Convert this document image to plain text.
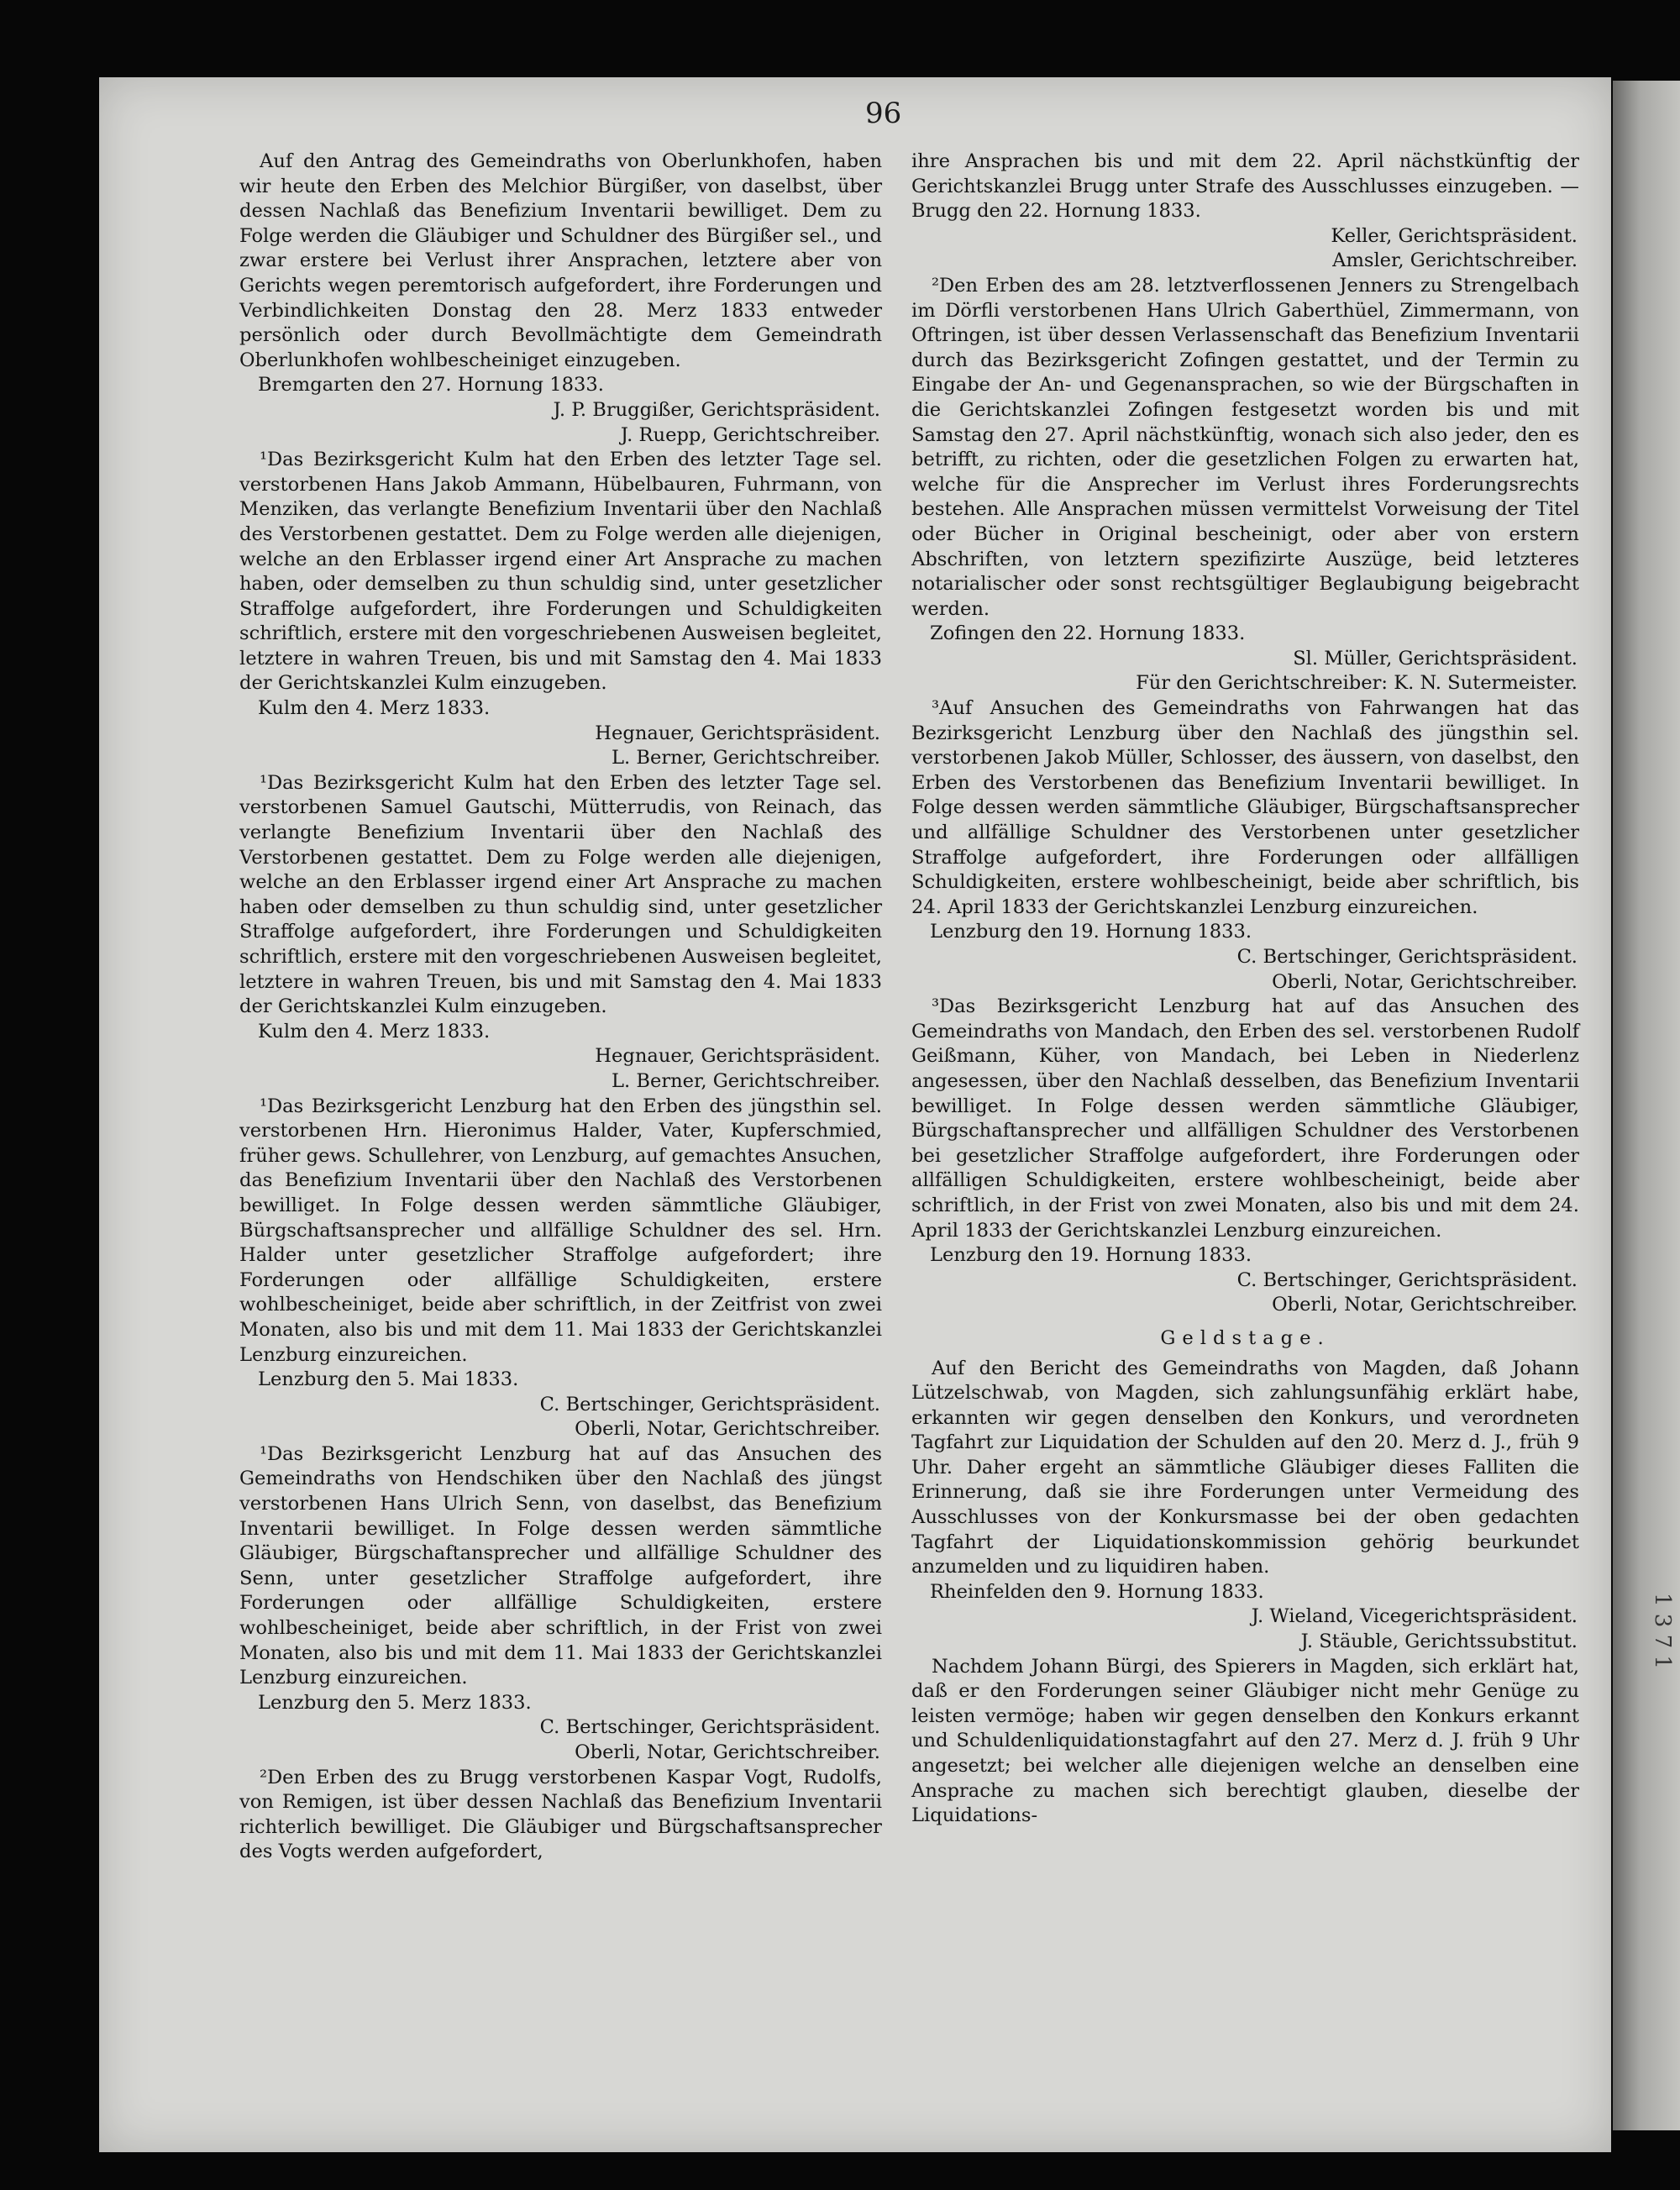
1 3 7 1
96

Auf den Antrag des Gemeindraths von Oberlunkhofen, haben wir heute den Erben des Melchior Bürgißer, von daselbst, über dessen Nachlaß das Benefizium Inventarii bewilliget. Dem zu Folge werden die Gläubiger und Schuldner des Bürgißer sel., und zwar erstere bei Verlust ihrer Ansprachen, letztere aber von Gerichts wegen peremtorisch aufgefordert, ihre Forderungen und Verbindlichkeiten Donstag den 28. Merz 1833 entweder persönlich oder durch Bevollmächtigte dem Gemeindrath Oberlunkhofen wohlbescheiniget einzugeben.

Bremgarten den 27. Hornung 1833.

J. P. Bruggißer, Gerichtspräsident.

J. Ruepp, Gerichtschreiber.

¹Das Bezirksgericht Kulm hat den Erben des letzter Tage sel. verstorbenen Hans Jakob Ammann, Hübelbauren, Fuhrmann, von Menziken, das verlangte Benefizium Inventarii über den Nachlaß des Verstorbenen gestattet. Dem zu Folge werden alle diejenigen, welche an den Erblasser irgend einer Art Ansprache zu machen haben, oder demselben zu thun schuldig sind, unter gesetzlicher Straffolge aufgefordert, ihre Forderungen und Schuldigkeiten schriftlich, erstere mit den vorgeschriebenen Ausweisen begleitet, letztere in wahren Treuen, bis und mit Samstag den 4. Mai 1833 der Gerichtskanzlei Kulm einzugeben.

Kulm den 4. Merz 1833.

Hegnauer, Gerichtspräsident.

L. Berner, Gerichtschreiber.

¹Das Bezirksgericht Kulm hat den Erben des letzter Tage sel. verstorbenen Samuel Gautschi, Mütterrudis, von Reinach, das verlangte Benefizium Inventarii über den Nachlaß des Verstorbenen gestattet. Dem zu Folge werden alle diejenigen, welche an den Erblasser irgend einer Art Ansprache zu machen haben oder demselben zu thun schuldig sind, unter gesetzlicher Straffolge aufgefordert, ihre Forderungen und Schuldigkeiten schriftlich, erstere mit den vorgeschriebenen Ausweisen begleitet, letztere in wahren Treuen, bis und mit Samstag den 4. Mai 1833 der Gerichtskanzlei Kulm einzugeben.

Kulm den 4. Merz 1833.

Hegnauer, Gerichtspräsident.

L. Berner, Gerichtschreiber.

¹Das Bezirksgericht Lenzburg hat den Erben des jüngsthin sel. verstorbenen Hrn. Hieronimus Halder, Vater, Kupferschmied, früher gews. Schullehrer, von Lenzburg, auf gemachtes Ansuchen, das Benefizium Inventarii über den Nachlaß des Verstorbenen bewilliget. In Folge dessen werden sämmtliche Gläubiger, Bürgschaftsansprecher und allfällige Schuldner des sel. Hrn. Halder unter gesetzlicher Straffolge aufgefordert; ihre Forderungen oder allfällige Schuldigkeiten, erstere wohlbescheiniget, beide aber schriftlich, in der Zeitfrist von zwei Monaten, also bis und mit dem 11. Mai 1833 der Gerichtskanzlei Lenzburg einzureichen.

Lenzburg den 5. Mai 1833.

C. Bertschinger, Gerichtspräsident.

Oberli, Notar, Gerichtschreiber.

¹Das Bezirksgericht Lenzburg hat auf das Ansuchen des Gemeindraths von Hendschiken über den Nachlaß des jüngst verstorbenen Hans Ulrich Senn, von daselbst, das Benefizium Inventarii bewilliget. In Folge dessen werden sämmtliche Gläubiger, Bürgschaftansprecher und allfällige Schuldner des Senn, unter gesetzlicher Straffolge aufgefordert, ihre Forderungen oder allfällige Schuldigkeiten, erstere wohlbescheiniget, beide aber schriftlich, in der Frist von zwei Monaten, also bis und mit dem 11. Mai 1833 der Gerichtskanzlei Lenzburg einzureichen.

Lenzburg den 5. Merz 1833.

C. Bertschinger, Gerichtspräsident.

Oberli, Notar, Gerichtschreiber.

²Den Erben des zu Brugg verstorbenen Kaspar Vogt, Rudolfs, von Remigen, ist über dessen Nachlaß das Benefizium Inventarii richterlich bewilliget. Die Gläubiger und Bürgschaftsansprecher des Vogts werden aufgefordert,

ihre Ansprachen bis und mit dem 22. April nächstkünftig der Gerichtskanzlei Brugg unter Strafe des Ausschlusses einzugeben. — Brugg den 22. Hornung 1833.

Keller, Gerichtspräsident.

Amsler, Gerichtschreiber.

²Den Erben des am 28. letztverflossenen Jenners zu Strengelbach im Dörfli verstorbenen Hans Ulrich Gaberthüel, Zimmermann, von Oftringen, ist über dessen Verlassenschaft das Benefizium Inventarii durch das Bezirksgericht Zofingen gestattet, und der Termin zu Eingabe der An- und Gegenansprachen, so wie der Bürgschaften in die Gerichtskanzlei Zofingen festgesetzt worden bis und mit Samstag den 27. April nächstkünftig, wonach sich also jeder, den es betrifft, zu richten, oder die gesetzlichen Folgen zu erwarten hat, welche für die Ansprecher im Verlust ihres Forderungsrechts bestehen. Alle Ansprachen müssen vermittelst Vorweisung der Titel oder Bücher in Original bescheinigt, oder aber von erstern Abschriften, von letztern spezifizirte Auszüge, beid letzteres notarialischer oder sonst rechtsgültiger Beglaubigung beigebracht werden.

Zofingen den 22. Hornung 1833.

Sl. Müller, Gerichtspräsident.

Für den Gerichtschreiber: K. N. Sutermeister.

³Auf Ansuchen des Gemeindraths von Fahrwangen hat das Bezirksgericht Lenzburg über den Nachlaß des jüngsthin sel. verstorbenen Jakob Müller, Schlosser, des äussern, von daselbst, den Erben des Verstorbenen das Benefizium Inventarii bewilliget. In Folge dessen werden sämmtliche Gläubiger, Bürgschaftsansprecher und allfällige Schuldner des Verstorbenen unter gesetzlicher Straffolge aufgefordert, ihre Forderungen oder allfälligen Schuldigkeiten, erstere wohlbescheinigt, beide aber schriftlich, bis 24. April 1833 der Gerichtskanzlei Lenzburg einzureichen.

Lenzburg den 19. Hornung 1833.

C. Bertschinger, Gerichtspräsident.

Oberli, Notar, Gerichtschreiber.

³Das Bezirksgericht Lenzburg hat auf das Ansuchen des Gemeindraths von Mandach, den Erben des sel. verstorbenen Rudolf Geißmann, Küher, von Mandach, bei Leben in Niederlenz angesessen, über den Nachlaß desselben, das Benefizium Inventarii bewilliget. In Folge dessen werden sämmtliche Gläubiger, Bürgschaftansprecher und allfälligen Schuldner des Verstorbenen bei gesetzlicher Straffolge aufgefordert, ihre Forderungen oder allfälligen Schuldigkeiten, erstere wohlbescheinigt, beide aber schriftlich, in der Frist von zwei Monaten, also bis und mit dem 24. April 1833 der Gerichtskanzlei Lenzburg einzureichen.

Lenzburg den 19. Hornung 1833.

C. Bertschinger, Gerichtspräsident.

Oberli, Notar, Gerichtschreiber.

Geldstage.

Auf den Bericht des Gemeindraths von Magden, daß Johann Lützelschwab, von Magden, sich zahlungsunfähig erklärt habe, erkannten wir gegen denselben den Konkurs, und verordneten Tagfahrt zur Liquidation der Schulden auf den 20. Merz d. J., früh 9 Uhr. Daher ergeht an sämmtliche Gläubiger dieses Falliten die Erinnerung, daß sie ihre Forderungen unter Vermeidung des Ausschlusses von der Konkursmasse bei der oben gedachten Tagfahrt der Liquidationskommission gehörig beurkundet anzumelden und zu liquidiren haben.

Rheinfelden den 9. Hornung 1833.

J. Wieland, Vicegerichtspräsident.

J. Stäuble, Gerichtssubstitut.

Nachdem Johann Bürgi, des Spierers in Magden, sich erklärt hat, daß er den Forderungen seiner Gläubiger nicht mehr Genüge zu leisten vermöge; haben wir gegen denselben den Konkurs erkannt und Schuldenliquidationstagfahrt auf den 27. Merz d. J. früh 9 Uhr angesetzt; bei welcher alle diejenigen welche an denselben eine Ansprache zu machen sich berechtigt glauben, dieselbe der Liquidations-
